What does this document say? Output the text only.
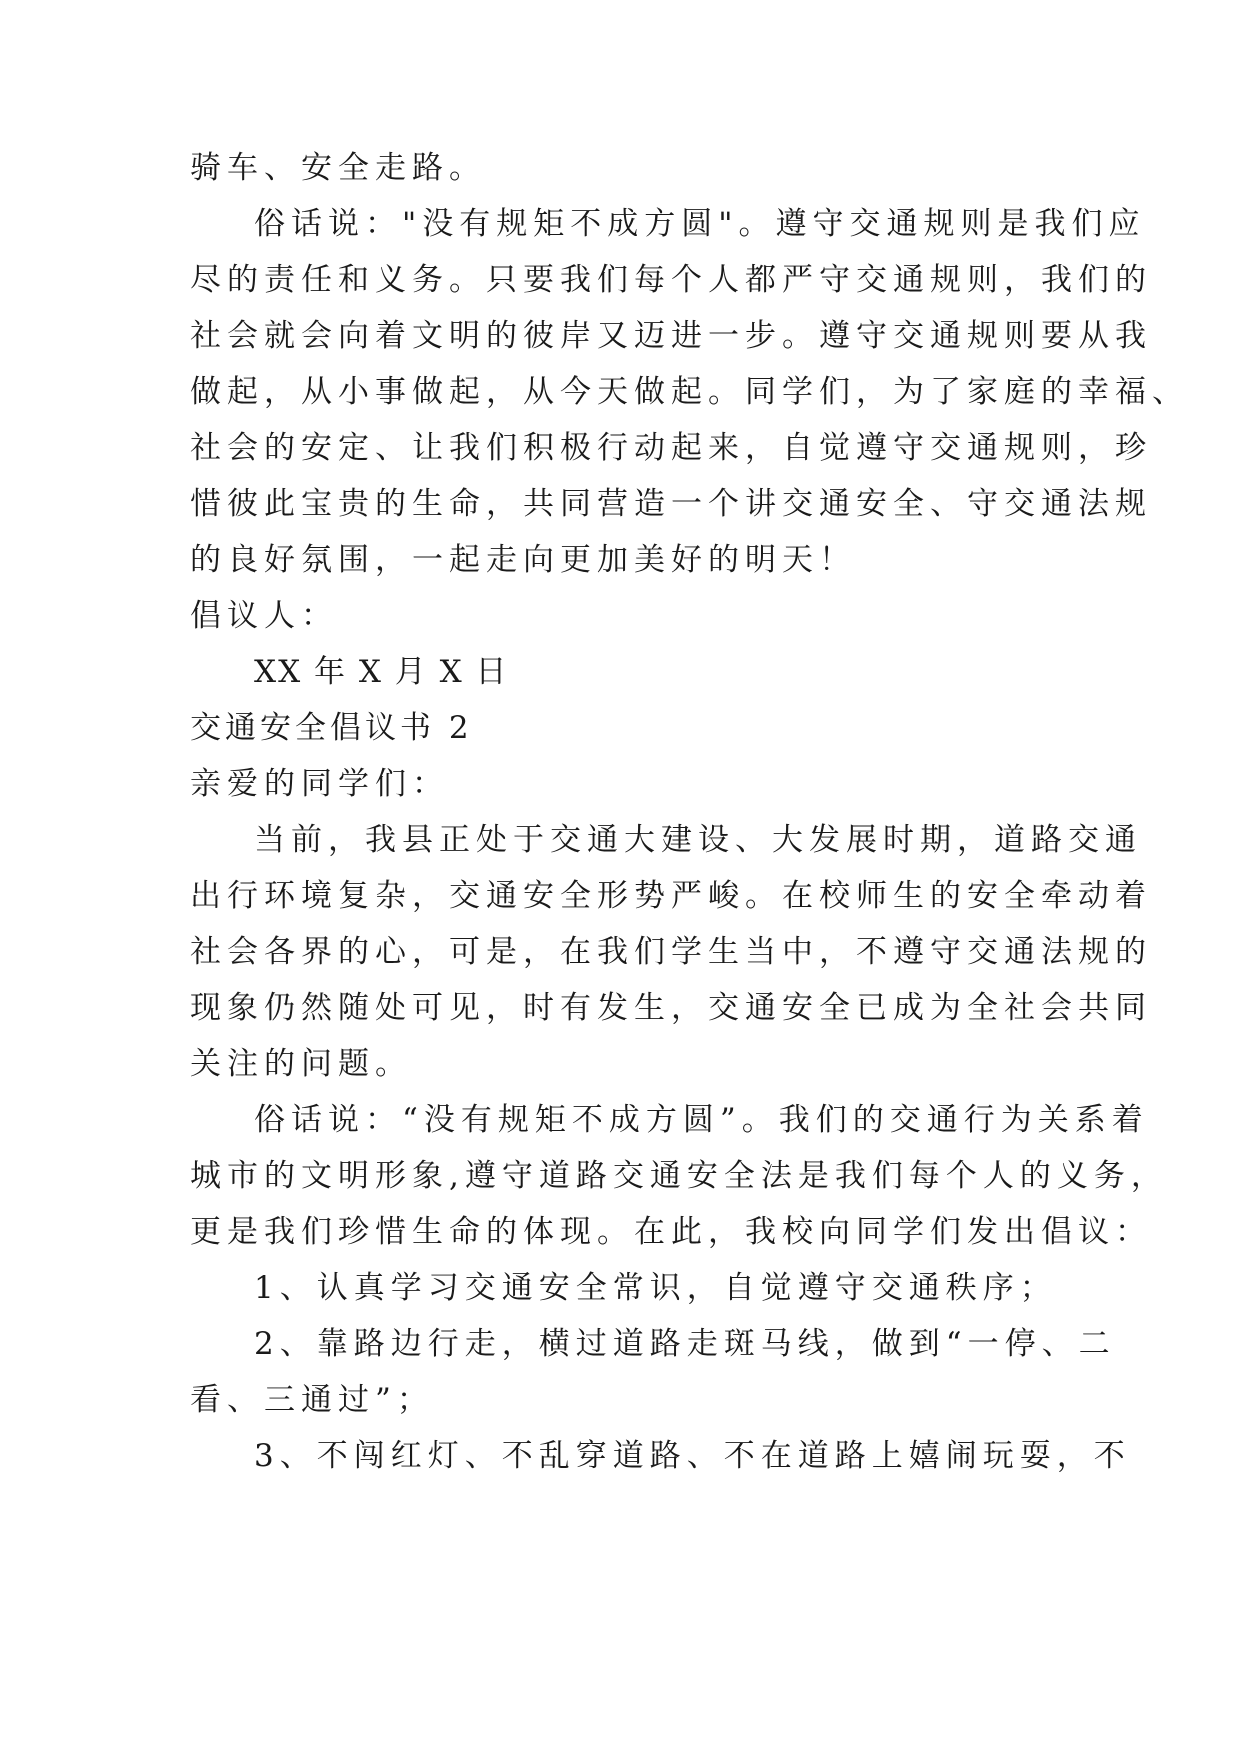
骑车、安全走路。

俗话说："没有规矩不成方圆"。遵守交通规则是我们应

尽的责任和义务。只要我们每个人都严守交通规则，我们的

社会就会向着文明的彼岸又迈进一步。遵守交通规则要从我

做起，从小事做起，从今天做起。同学们，为了家庭的幸福、

社会的安定、让我们积极行动起来，自觉遵守交通规则，珍

惜彼此宝贵的生命，共同营造一个讲交通安全、守交通法规

的良好氛围，一起走向更加美好的明天！

倡议人：

XX 年 X 月 X 日

交通安全倡议书 2

亲爱的同学们：

当前，我县正处于交通大建设、大发展时期，道路交通

出行环境复杂，交通安全形势严峻。在校师生的安全牵动着

社会各界的心，可是，在我们学生当中，不遵守交通法规的

现象仍然随处可见，时有发生，交通安全已成为全社会共同

关注的问题。

俗话说：“没有规矩不成方圆”。我们的交通行为关系着

城市的文明形象,遵守道路交通安全法是我们每个人的义务，

更是我们珍惜生命的体现。在此，我校向同学们发出倡议：

1、认真学习交通安全常识，自觉遵守交通秩序；

2、靠路边行走，横过道路走斑马线，做到“一停、二

看、三通过”；

3、不闯红灯、不乱穿道路、不在道路上嬉闹玩耍，不
